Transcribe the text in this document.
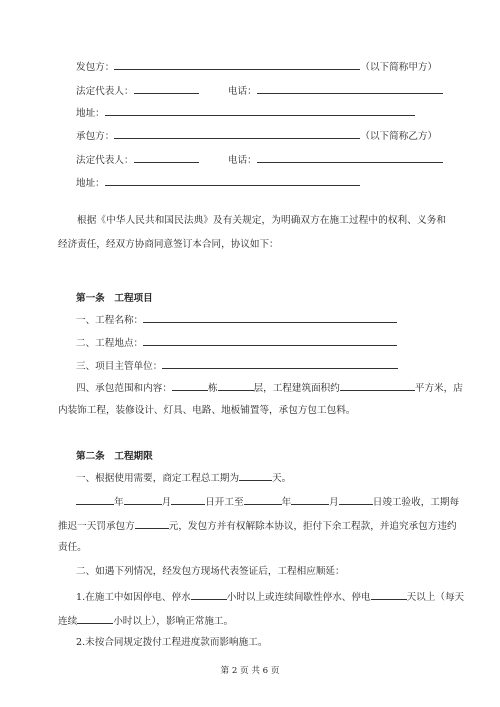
发包方：	（以下简称甲方）
法定代表人：	电话：
地址：
承包方：	（以下简称乙方）
法定代表人：	电话：
地址：
根据《中华人民共和国民法典》及有关规定，为明确双方在施工过程中的权利、义务和经济责任，经双方协商同意签订本合同，协议如下：
第一条　工程项目
一、工程名称：
二、工程地点：
三、项目主管单位：
四、承包范围和内容：	栋	层，工程建筑面积约	平方米，店
内装饰工程，装修设计、灯具、电路、地板铺置等，承包方包工包料。
第二条　工程期限
一、根据使用需要，商定工程总工期为	天。
年	月	日开工至	年	月	日竣工验收，工期每
推迟一天罚承包方	元，发包方并有权解除本协议，拒付下余工程款，并追究承包方违约
责任。
二、如遇下列情况，经发包方现场代表签证后，工程相应顺延：
1.在施工中如因停电、停水	小时以上或连续间歇性停水、停电	天以上（每天
连续	小时以上），影响正常施工。
2.未按合同规定拨付工程进度款而影响施工。
第 2 页 共 6 页
